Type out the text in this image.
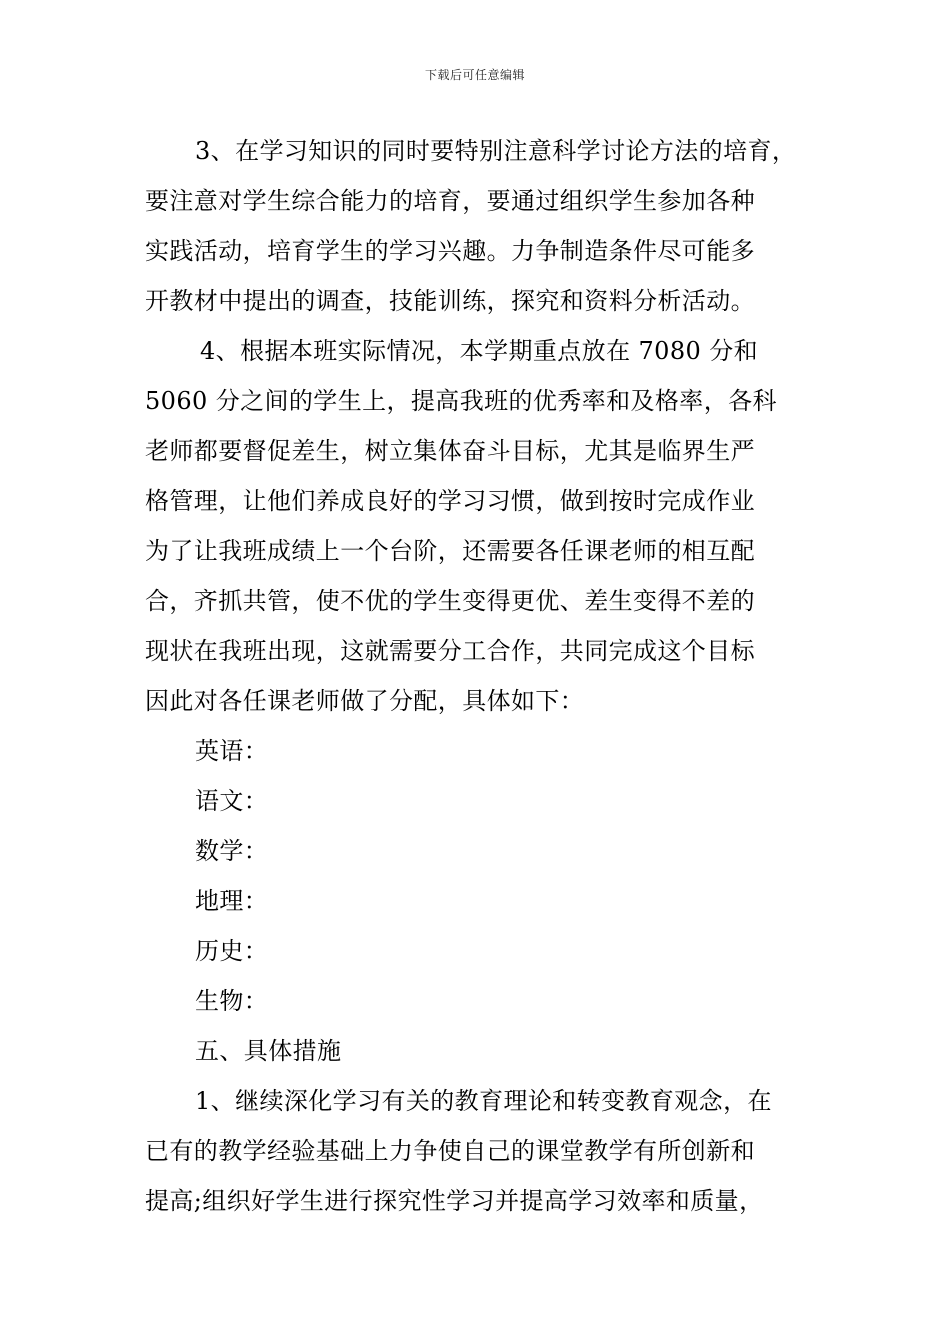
下载后可任意编辑
3、在学习知识的同时要特别注意科学讨论方法的培育，
要注意对学生综合能力的培育，要通过组织学生参加各种
实践活动，培育学生的学习兴趣。力争制造条件尽可能多
开教材中提出的调查，技能训练，探究和资料分析活动。
4、根据本班实际情况，本学期重点放在 7080 分和
5060 分之间的学生上，提高我班的优秀率和及格率，各科
老师都要督促差生，树立集体奋斗目标，尤其是临界生严
格管理，让他们养成良好的学习习惯，做到按时完成作业
为了让我班成绩上一个台阶，还需要各任课老师的相互配
合，齐抓共管，使不优的学生变得更优、差生变得不差的
现状在我班出现，这就需要分工合作，共同完成这个目标
因此对各任课老师做了分配，具体如下：
英语：
语文：
数学：
地理：
历史：
生物：
五、具体措施
1、继续深化学习有关的教育理论和转变教育观念，在
已有的教学经验基础上力争使自己的课堂教学有所创新和
提高;组织好学生进行探究性学习并提高学习效率和质量，
